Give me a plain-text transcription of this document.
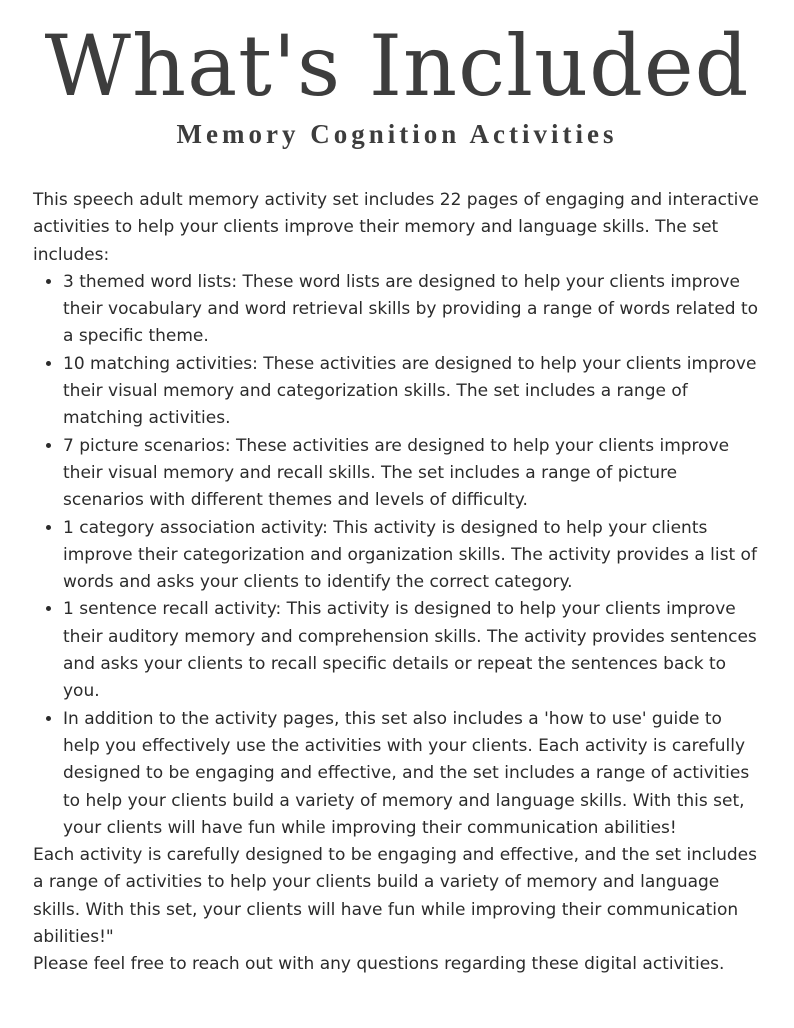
What's Included
Memory Cognition Activities

This speech adult memory activity set includes 22 pages of engaging and interactive activities to help your clients improve their memory and language skills. The set includes:

• 3 themed word lists: These word lists are designed to help your clients improve their vocabulary and word retrieval skills by providing a range of words related to a specific theme.
• 10 matching activities: These activities are designed to help your clients improve their visual memory and categorization skills. The set includes a range of matching activities.
• 7 picture scenarios: These activities are designed to help your clients improve their visual memory and recall skills. The set includes a range of picture scenarios with different themes and levels of difficulty.
• 1 category association activity: This activity is designed to help your clients improve their categorization and organization skills. The activity provides a list of words and asks your clients to identify the correct category.
• 1 sentence recall activity: This activity is designed to help your clients improve their auditory memory and comprehension skills. The activity provides sentences and asks your clients to recall specific details or repeat the sentences back to you.
• In addition to the activity pages, this set also includes a 'how to use' guide to help you effectively use the activities with your clients. Each activity is carefully designed to be engaging and effective, and the set includes a range of activities to help your clients build a variety of memory and language skills. With this set, your clients will have fun while improving their communication abilities!

Each activity is carefully designed to be engaging and effective, and the set includes a range of activities to help your clients build a variety of memory and language skills. With this set, your clients will have fun while improving their communication abilities!"

Please feel free to reach out with any questions regarding these digital activities.
